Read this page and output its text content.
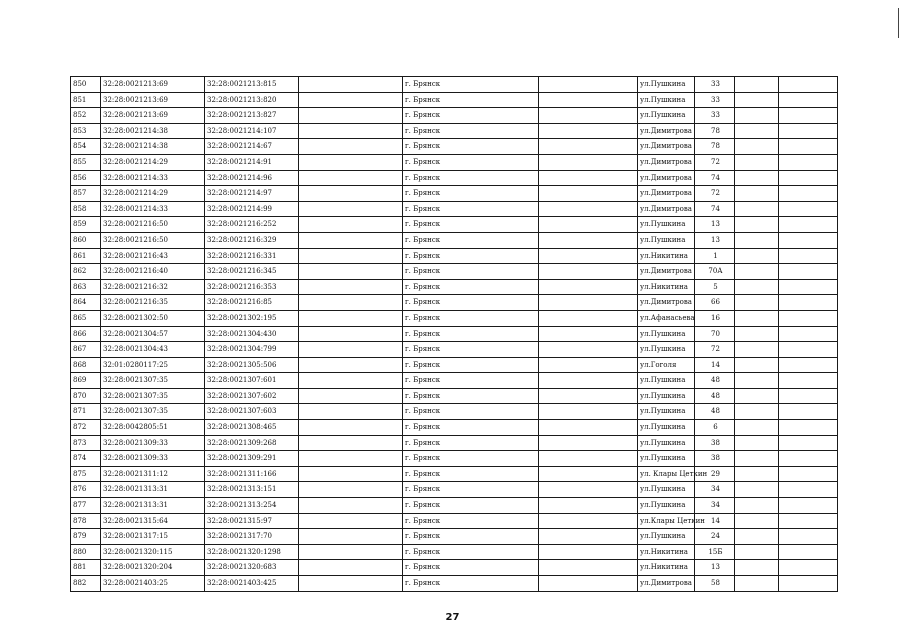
850	32:28:0021213:69	32:28:0021213:815		г. Брянск		ул.Пушкина	33			
851	32:28:0021213:69	32:28:0021213:820		г. Брянск		ул.Пушкина	33			
852	32:28:0021213:69	32:28:0021213:827		г. Брянск		ул.Пушкина	33			
853	32:28:0021214:38	32:28:0021214:107		г. Брянск		ул.Димитрова	78			
854	32:28:0021214:38	32:28:0021214:67		г. Брянск		ул.Димитрова	78			
855	32:28:0021214:29	32:28:0021214:91		г. Брянск		ул.Димитрова	72			
856	32:28:0021214:33	32:28:0021214:96		г. Брянск		ул.Димитрова	74			
857	32:28:0021214:29	32:28:0021214:97		г. Брянск		ул.Димитрова	72			
858	32:28:0021214:33	32:28:0021214:99		г. Брянск		ул.Димитрова	74			
859	32:28:0021216:50	32:28:0021216:252		г. Брянск		ул.Пушкина	13			
860	32:28:0021216:50	32:28:0021216:329		г. Брянск		ул.Пушкина	13			
861	32:28:0021216:43	32:28:0021216:331		г. Брянск		ул.Никитина	1			
862	32:28:0021216:40	32:28:0021216:345		г. Брянск		ул.Димитрова	70А			
863	32:28:0021216:32	32:28:0021216:353		г. Брянск		ул.Никитина	5			
864	32:28:0021216:35	32:28:0021216:85		г. Брянск		ул.Димитрова	66			
865	32:28:0021302:50	32:28:0021302:195		г. Брянск		ул.Афанасьева	16			
866	32:28:0021304:57	32:28:0021304:430		г. Брянск		ул.Пушкина	70			
867	32:28:0021304:43	32:28:0021304:799		г. Брянск		ул.Пушкина	72			
868	32:01:0280117:25	32:28:0021305:506		г. Брянск		ул.Гоголя	14			
869	32:28:0021307:35	32:28:0021307:601		г. Брянск		ул.Пушкина	48			
870	32:28:0021307:35	32:28:0021307:602		г. Брянск		ул.Пушкина	48			
871	32:28:0021307:35	32:28:0021307:603		г. Брянск		ул.Пушкина	48			
872	32:28:0042805:51	32:28:0021308:465		г. Брянск		ул.Пушкина	6			
873	32:28:0021309:33	32:28:0021309:268		г. Брянск		ул.Пушкина	38			
874	32:28:0021309:33	32:28:0021309:291		г. Брянск		ул.Пушкина	38			
875	32:28:0021311:12	32:28:0021311:166		г. Брянск		ул. Клары Цеткин	29			
876	32:28:0021313:31	32:28:0021313:151		г. Брянск		ул.Пушкина	34			
877	32:28:0021313:31	32:28:0021313:254		г. Брянск		ул.Пушкина	34			
878	32:28:0021315:64	32:28:0021315:97		г. Брянск		ул.Клары Цеткин	14			
879	32:28:0021317:15	32:28:0021317:70		г. Брянск		ул.Пушкина	24			
880	32:28:0021320:115	32:28:0021320:1298		г. Брянск		ул.Никитина	15Б			
881	32:28:0021320:204	32:28:0021320:683		г. Брянск		ул.Никитина	13			
882	32:28:0021403:25	32:28:0021403:425		г. Брянск		ул.Димитрова	58			
27
